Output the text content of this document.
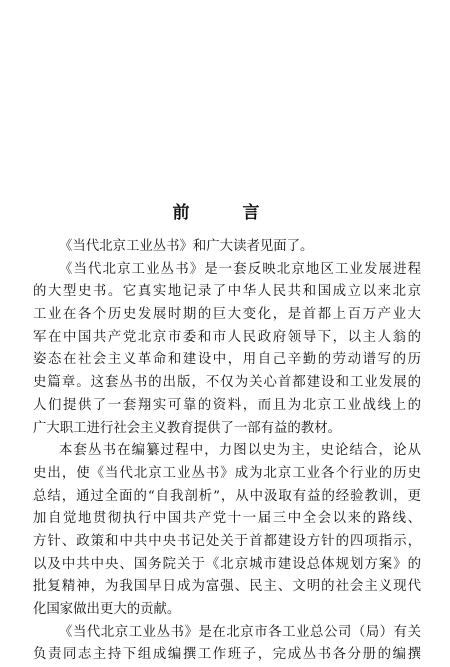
前　言
《当代北京工业丛书》和广大读者见面了。
《当代北京工业丛书》是一套反映北京地区工业发展进程
的大型史书。它真实地记录了中华人民共和国成立以来北京
工业在各个历史发展时期的巨大变化，是首都上百万产业大
军在中国共产党北京市委和市人民政府领导下，以主人翁的
姿态在社会主义革命和建设中，用自己辛勤的劳动谱写的历
史篇章。这套丛书的出版，不仅为关心首都建设和工业发展的
人们提供了一套翔实可靠的资料，而且为北京工业战线上的
广大职工进行社会主义教育提供了一部有益的教材。
本套丛书在编纂过程中，力图以史为主，史论结合，论从
史出，使《当代北京工业丛书》成为北京工业各个行业的历史
总结，通过全面的“自我剖析”，从中汲取有益的经验教训，更
加自觉地贯彻执行中国共产党十一届三中全会以来的路线、
方针、政策和中共中央书记处关于首都建设方针的四项指示，
以及中共中央、国务院关于《北京城市建设总体规划方案》的
批复精神，为我国早日成为富强、民主、文明的社会主义现代
化国家做出更大的贡献。
《当代北京工业丛书》是在北京市各工业总公司（局）有关
负责同志主持下组成编撰工作班子，完成丛书各分册的编撰
